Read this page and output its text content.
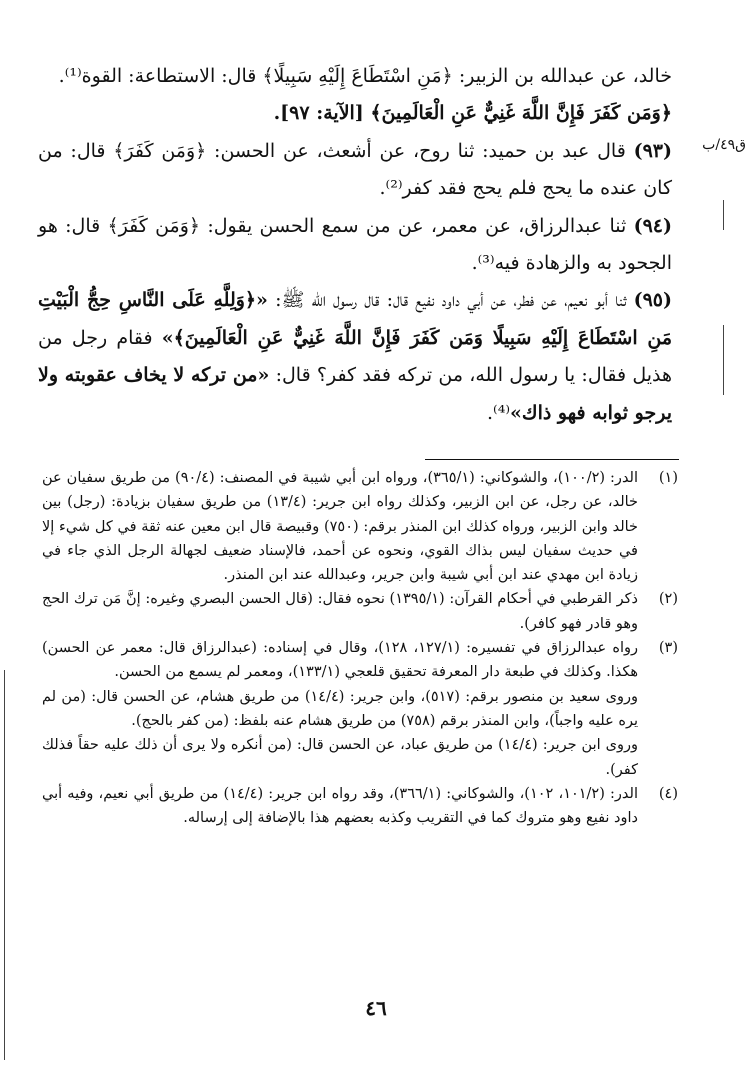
ق٤٩/ب

خالد، عن عبدالله بن الزبير: ﴿مَنِ اسْتَطَاعَ إِلَيْهِ سَبِيلًا﴾ قال: الاستطاعة: القوة⁽¹⁾.

﴿وَمَن كَفَرَ فَإِنَّ اللَّهَ غَنِيٌّ عَنِ الْعَالَمِينَ﴾ [الآية: ٩٧].

(٩٣) قال عبد بن حميد: ثنا روح، عن أشعث، عن الحسن: ﴿وَمَن كَفَرَ﴾ قال: من كان عنده ما يحج فلم يحج فقد كفر⁽²⁾.

(٩٤) ثنا عبدالرزاق، عن معمر، عن من سمع الحسن يقول: ﴿وَمَن كَفَرَ﴾ قال: هو الجحود به والزهادة فيه⁽³⁾.

(٩٥) ثنا أبو نعيم، عن فطر، عن أبي داود نفيع قال: قال رسول الله ﷺ: «﴿وَلِلَّهِ عَلَى النَّاسِ حِجُّ الْبَيْتِ مَنِ اسْتَطَاعَ إِلَيْهِ سَبِيلًا وَمَن كَفَرَ فَإِنَّ اللَّهَ غَنِيٌّ عَنِ الْعَالَمِينَ﴾» فقام رجل من هذيل فقال: يا رسول الله، من تركه فقد كفر؟ قال: «من تركه لا يخاف عقوبته ولا يرجو ثوابه فهو ذاك»⁽⁴⁾.

(١)
الدر: (١٠٠/٢)، والشوكاني: (٣٦٥/١)، ورواه ابن أبي شيبة في المصنف: (٩٠/٤) من طريق سفيان عن خالد، عن رجل، عن ابن الزبير، وكذلك رواه ابن جرير: (١٣/٤) من طريق سفيان بزيادة: (رجل) بين خالد وابن الزبير، ورواه كذلك ابن المنذر برقم: (٧٥٠) وقبيصة قال ابن معين عنه ثقة في كل شيء إلا في حديث سفيان ليس بذاك القوي، ونحوه عن أحمد، فالإسناد ضعيف لجهالة الرجل الذي جاء في زيادة ابن مهدي عند ابن أبي شيبة وابن جرير، وعبدالله عند ابن المنذر.
(٢)
ذكر القرطبي في أحكام القرآن: (١٣٩٥/١) نحوه فقال: (قال الحسن البصري وغيره: إنَّ مَن ترك الحج وهو قادر فهو كافر).
(٣)
رواه عبدالرزاق في تفسيره: (١٢٧/١، ١٢٨)، وقال في إسناده: (عبدالرزاق قال: معمر عن الحسن) هكذا. وكذلك في طبعة دار المعرفة تحقيق قلعجي (١٣٣/١)، ومعمر لم يسمع من الحسن.
وروى سعيد بن منصور برقم: (٥١٧)، وابن جرير: (١٤/٤) من طريق هشام، عن الحسن قال: (من لم يره عليه واجباً)، وابن المنذر برقم (٧٥٨) من طريق هشام عنه بلفظ: (من كفر بالحج).
وروى ابن جرير: (١٤/٤) من طريق عباد، عن الحسن قال: (من أنكره ولا يرى أن ذلك عليه حقاً فذلك كفر).
(٤)
الدر: (١٠١/٢، ١٠٢)، والشوكاني: (٣٦٦/١)، وقد رواه ابن جرير: (١٤/٤) من طريق أبي نعيم، وفيه أبي داود نفيع وهو متروك كما في التقريب وكذبه بعضهم هذا بالإضافة إلى إرساله.
٤٦
